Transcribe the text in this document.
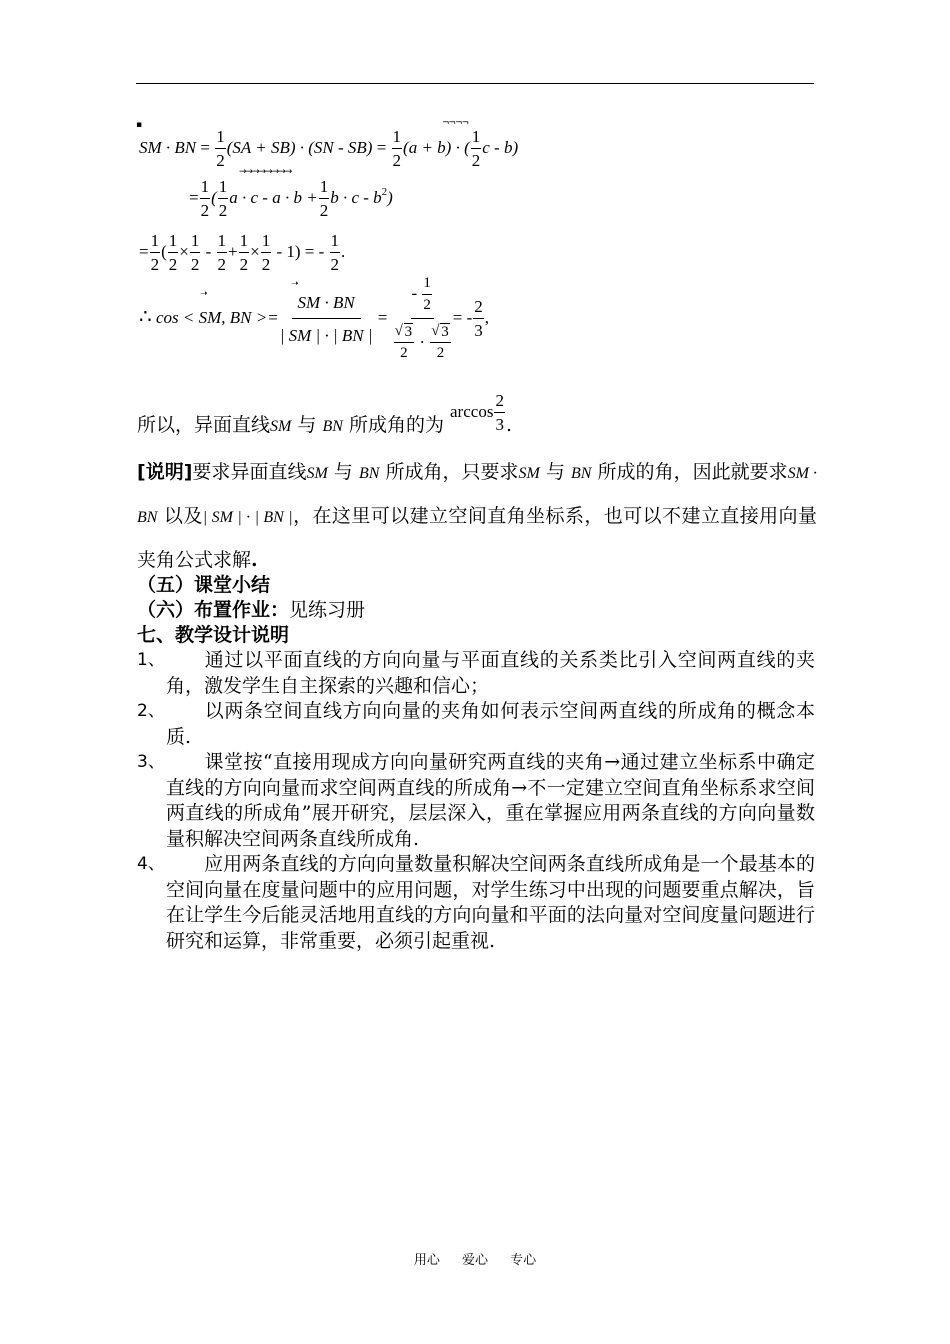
▪	¬¬¬¬
→→→→→→→→
➝
➝
SM · BN = $\frac{1}{2} (SA + SB) \cdot (SN - SB) = \frac{1}{2} (a + b)$ · ( $\frac{1}{2}$ c - b)
= $\frac{1}{2}$ ( $\frac{1}{2}$ $a \cdot c - a \cdot b + \frac{1}{2}$ $b \cdot c - b^2$)
= $\frac{1}{2}$ ( $\frac{1}{2} \times \frac{1}{2} - \frac{1}{2} + \frac{1}{2} \times \frac{1}{2} - 1$) = - $\frac{1}{2}$ .
∴ cos < SM, BN >= $\frac{SM \cdot BN}{| SM | \cdot | BN |}$ = - $\frac{1}{2}$
√ $\frac{3}{2}$ ·
√ $\frac{3}{2}$ = - $\frac{2}{3}$ ,
所以，异面直线SM 与 BN 所成角的为 $\arccos \frac{2}{3}$ .
[说明]要求异面直线SM 与 BN 所成角，只要求SM 与 BN 所成的角，因此就要求SM · BN 以及| SM | · | BN |，在这里可以建立空间直角坐标系，也可以不建立直接用向量夹角公式求解.
（五）课堂小结
（六）布置作业：见练习册
七、教学设计说明
1、	通过以平面直线的方向向量与平面直线的关系类比引入空间两直线的夹角，激发学生自主探索的兴趣和信心；
2、	以两条空间直线方向向量的夹角如何表示空间两直线的所成角的概念本质.
3、	课堂按“直接用现成方向向量研究两直线的夹角→通过建立坐标系中确定直线的方向向量而求空间两直线的所成角→不一定建立空间直角坐标系求空间两直线的所成角”展开研究，层层深入，重在掌握应用两条直线的方向向量数量积解决空间两条直线所成角.
4、	应用两条直线的方向向量数量积解决空间两条直线所成角是一个最基本的空间向量在度量问题中的应用问题，对学生练习中出现的问题要重点解决，旨在让学生今后能灵活地用直线的方向向量和平面的法向量对空间度量问题进行研究和运算，非常重要，必须引起重视.
用心 爱心 专心
